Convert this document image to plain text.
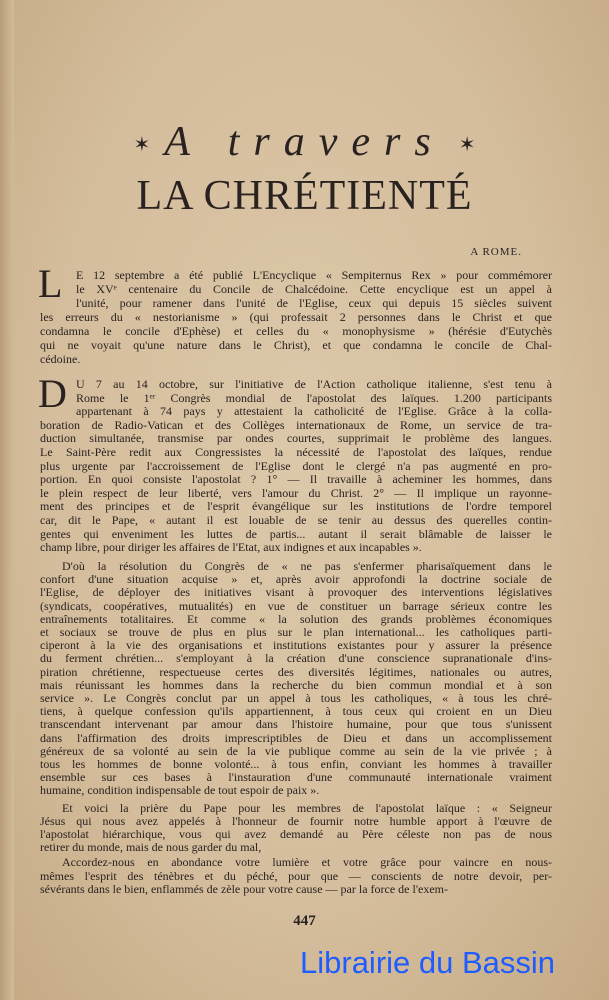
✶ A travers ✶
LA CHRÉTIENTÉ
A ROME.
L E 12 septembre a été publié L'Encyclique « Sempiternus Rex » pour commémorer
le XVᵉ centenaire du Concile de Chalcédoine. Cette encyclique est un appel à
l'unité, pour ramener dans l'unité de l'Eglise, ceux qui depuis 15 siècles suivent
les erreurs du « nestorianisme » (qui professait 2 personnes dans le Christ et que
condamna le concile d'Ephèse) et celles du « monophysisme » (hérésie d'Eutychès
qui ne voyait qu'une nature dans le Christ), et que condamna le concile de Chal-
cédoine.
D U 7 au 14 octobre, sur l'initiative de l'Action catholique italienne, s'est tenu à
Rome le 1ᵉʳ Congrès mondial de l'apostolat des laïques. 1.200 participants
appartenant à 74 pays y attestaient la catholicité de l'Eglise. Grâce à la colla-
boration de Radio-Vatican et des Collèges internationaux de Rome, un service de tra-
duction simultanée, transmise par ondes courtes, supprimait le problème des langues.
Le Saint-Père redit aux Congressistes la nécessité de l'apostolat des laïques, rendue
plus urgente par l'accroissement de l'Eglise dont le clergé n'a pas augmenté en pro-
portion. En quoi consiste l'apostolat ? 1° — Il travaille à acheminer les hommes, dans
le plein respect de leur liberté, vers l'amour du Christ. 2° — Il implique un rayonne-
ment des principes et de l'esprit évangélique sur les institutions de l'ordre temporel
car, dit le Pape, « autant il est louable de se tenir au dessus des querelles contin-
gentes qui enveniment les luttes de partis... autant il serait blâmable de laisser le
champ libre, pour diriger les affaires de l'Etat, aux indignes et aux incapables ».
D'où la résolution du Congrès de « ne pas s'enfermer pharisaïquement dans le
confort d'une situation acquise » et, après avoir approfondi la doctrine sociale de
l'Eglise, de déployer des initiatives visant à provoquer des interventions législatives
(syndicats, coopératives, mutualités) en vue de constituer un barrage sérieux contre les
entraînements totalitaires. Et comme « la solution des grands problèmes économiques
et sociaux se trouve de plus en plus sur le plan international... les catholiques parti-
ciperont à la vie des organisations et institutions existantes pour y assurer la présence
du ferment chrétien... s'employant à la création d'une conscience supranationale d'ins-
piration chrétienne, respectueuse certes des diversités légitimes, nationales ou autres,
mais réunissant les hommes dans la recherche du bien commun mondial et à son
service ». Le Congrès conclut par un appel à tous les catholiques, « à tous les chré-
tiens, à quelque confession qu'ils appartiennent, à tous ceux qui croient en un Dieu
transcendant intervenant par amour dans l'histoire humaine, pour que tous s'unissent
dans l'affirmation des droits imprescriptibles de Dieu et dans un accomplissement
généreux de sa volonté au sein de la vie publique comme au sein de la vie privée ; à
tous les hommes de bonne volonté... à tous enfin, conviant les hommes à travailler
ensemble sur ces bases à l'instauration d'une communauté internationale vraiment
humaine, condition indispensable de tout espoir de paix ».
Et voici la prière du Pape pour les membres de l'apostolat laïque : « Seigneur
Jésus qui nous avez appelés à l'honneur de fournir notre humble apport à l'œuvre de
l'apostolat hiérarchique, vous qui avez demandé au Père céleste non pas de nous
retirer du monde, mais de nous garder du mal,
Accordez-nous en abondance votre lumière et votre grâce pour vaincre en nous-
mêmes l'esprit des ténèbres et du péché, pour que — conscients de notre devoir, per-
sévérants dans le bien, enflammés de zèle pour votre cause — par la force de l'exem-
447
Librairie du Bassin
